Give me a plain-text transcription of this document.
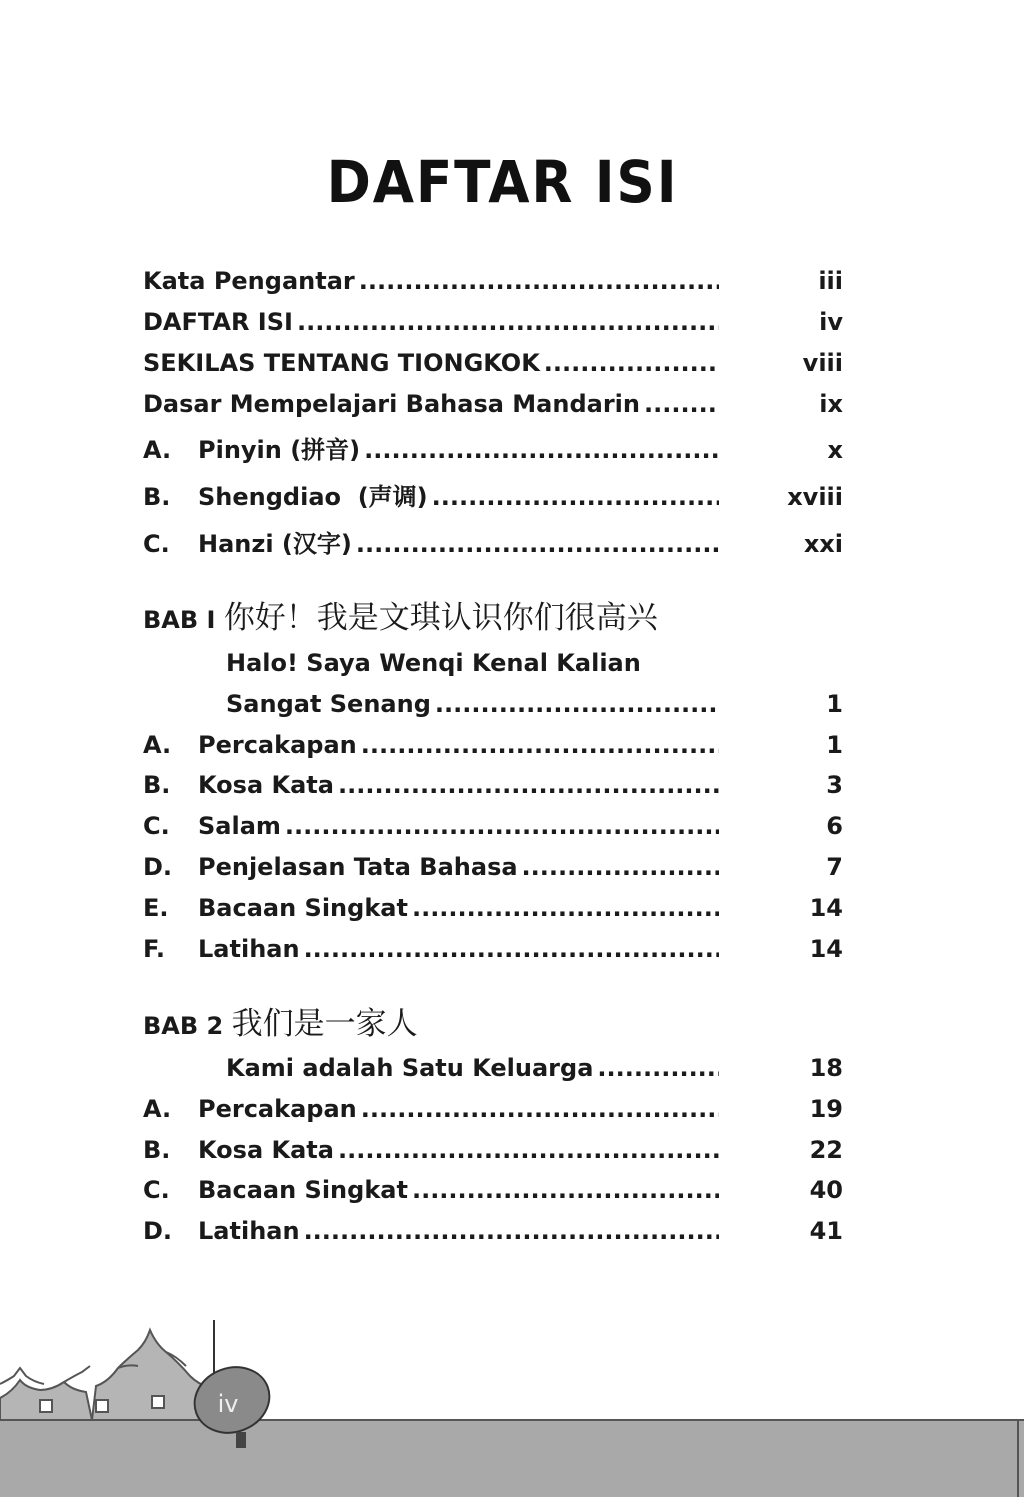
DAFTAR ISI
Kata Pengantar .....	iii
DAFTAR ISI .....	iv
SEKILAS TENTANG TIONGKOK .....	viii
Dasar Mempelajari Bahasa Mandarin .....	ix
A.	Pinyin (拼音) .....	x
B.	Shengdiao  (声调) .....	xviii
C.	Hanzi (汉字) .....	xxi
BAB I 你好！我是文琪认识你们很高兴
Halo! Saya Wenqi Kenal Kalian
Sangat Senang .....	1
A.	Percakapan .....	1
B.	Kosa Kata .....	3
C.	Salam .....	6
D.	Penjelasan Tata Bahasa .....	7
E.	Bacaan Singkat .....	14
F.	Latihan .....	14
BAB 2 我们是一家人
Kami adalah Satu Keluarga .....	18
A.	Percakapan .....	19
B.	Kosa Kata .....	22
C.	Bacaan Singkat .....	40
D.	Latihan .....	41
iv
